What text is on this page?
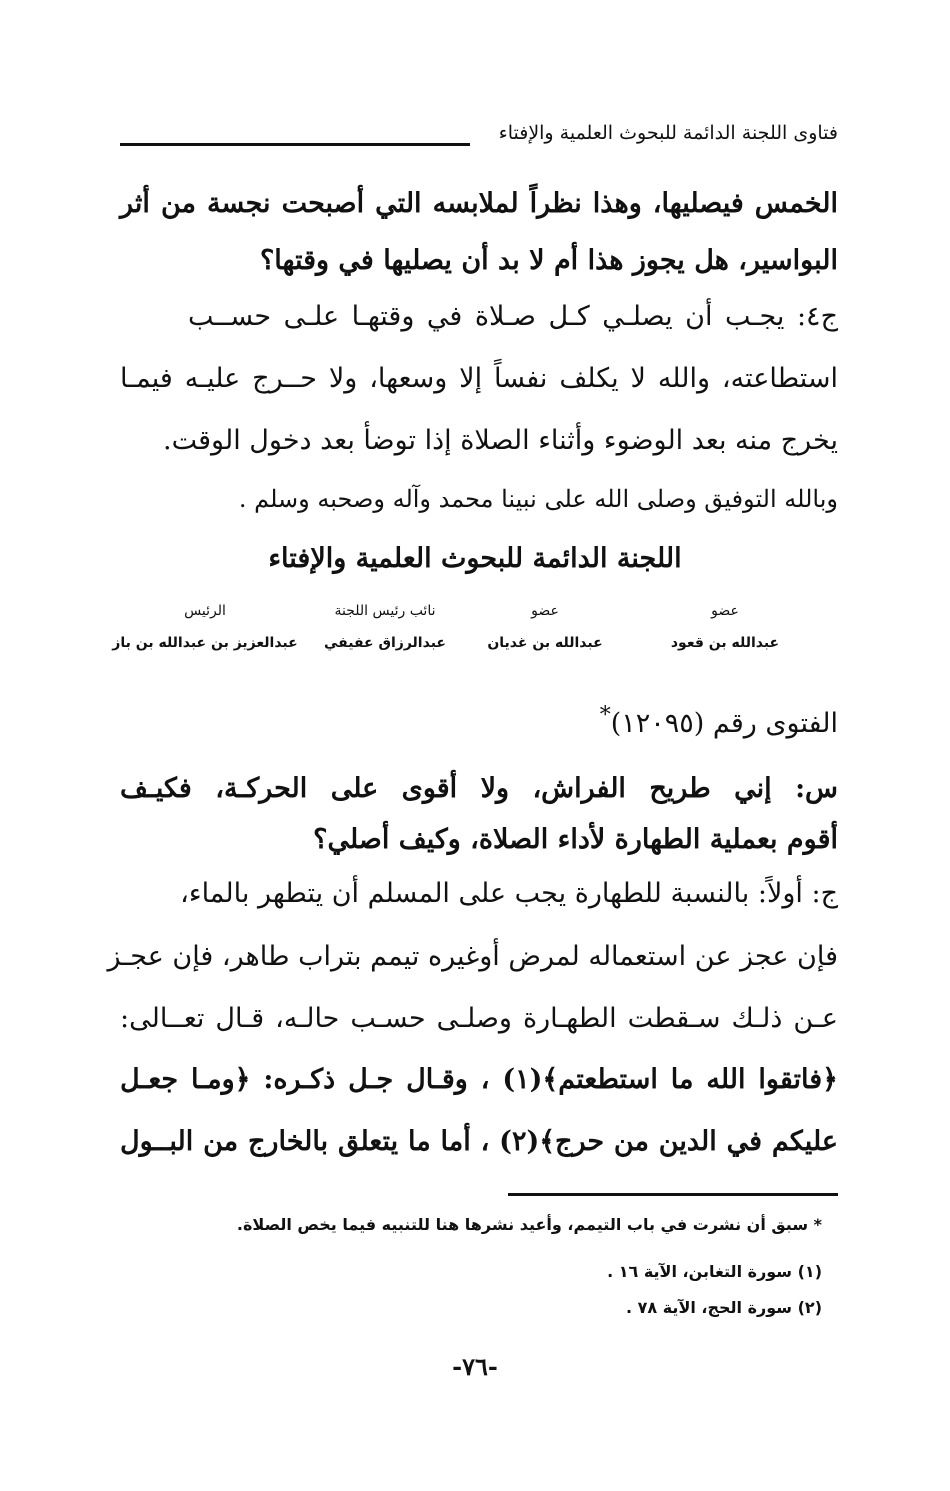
فتاوى اللجنة الدائمة للبحوث العلمية والإفتاء
الخمس فيصليها، وهذا نظراً لملابسه التي أصبحت نجسة من أثر
البواسير، هل يجوز هذا أم لا بد أن يصليها في وقتها؟
ج٤: يجـب أن يصلـي كـل صـلاة في وقتهـا علـى حســب
استطاعته، والله لا يكلف نفساً إلا وسعها، ولا حــرج عليـه فيمـا
يخرج منه بعد الوضوء وأثناء الصلاة إذا توضأ بعد دخول الوقت.
وبالله التوفيق وصلى الله على نبينا محمد وآله وصحبه وسلم .
اللجنة الدائمة للبحوث العلمية والإفتاء
عضو
عبدالله بن قعود
عضو
عبدالله بن غديان
نائب رئيس اللجنة
عبدالرزاق عفيفي
الرئيس
عبدالعزيز بن عبدالله بن باز
الفتوى رقم (١٢٠٩٥)*
س: إني طريح الفراش، ولا أقوى على الحركـة، فكيـف
أقوم بعملية الطهارة لأداء الصلاة، وكيف أصلي؟
ج: أولاً: بالنسبة للطهارة يجب على المسلم أن يتطهر بالماء،
فإن عجز عن استعماله لمرض أوغيره تيمم بتراب طاهر، فإن عجـز
عـن ذلـك سـقطت الطهـارة وصلـى حسـب حالـه، قـال تعــالى:
﴿فاتقوا الله ما استطعتم﴾(١) ، وقـال جـل ذكـره: ﴿ومـا جعـل
عليكم في الدين من حرج﴾(٢) ، أما ما يتعلق بالخارج من البــول
* سبق أن نشرت في باب التيمم، وأعيد نشرها هنا للتنبيه فيما يخص الصلاة.
(١) سورة التغابن، الآية ١٦ .
(٢) سورة الحج، الآية ٧٨ .
-٧٦-
